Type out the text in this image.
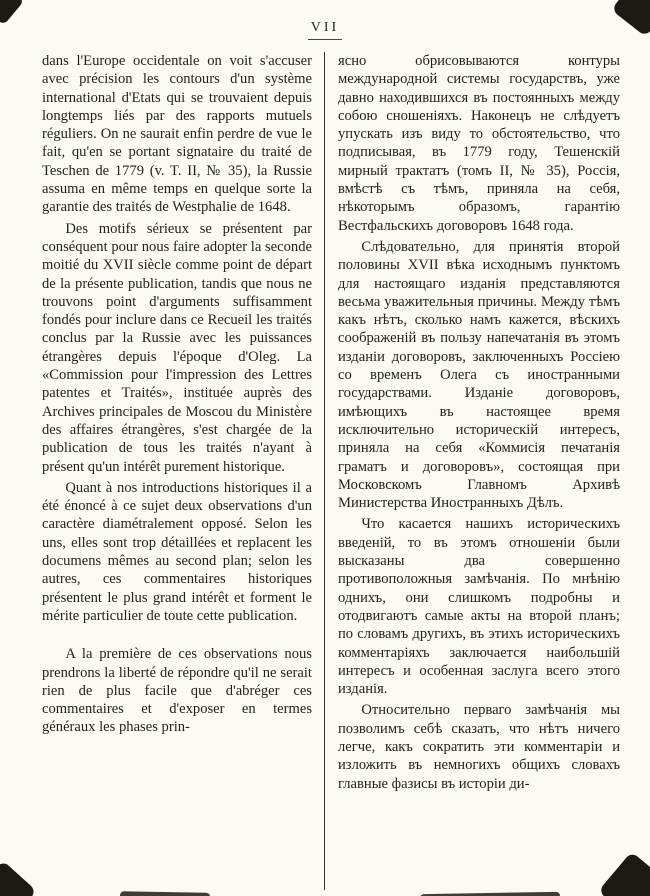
VII

dans l'Europe occidentale on voit s'accuser avec précision les contours d'un système international d'Etats qui se trouvaient depuis longtemps liés par des rapports mutuels réguliers. On ne saurait enfin perdre de vue le fait, qu'en se portant signataire du traité de Teschen de 1779 (v. T. II, № 35), la Russie assuma en même temps en quelque sorte la garantie des traités de Westphalie de 1648.

Des motifs sérieux se présentent par conséquent pour nous faire adopter la seconde moitié du XVII siècle comme point de départ de la présente publication, tandis que nous ne trouvons point d'arguments suffisamment fondés pour inclure dans ce Recueil les traités conclus par la Russie avec les puissances étrangères depuis l'époque d'Oleg. La «Commission pour l'impression des Lettres patentes et Traités», instituée auprès des Archives principales de Moscou du Ministère des affaires étrangères, s'est chargée de la publication de tous les traités n'ayant à présent qu'un intérêt purement historique.

Quant à nos introductions historiques il a été énoncé à ce sujet deux observations d'un caractère diamétralement opposé. Selon les uns, elles sont trop détaillées et replacent les documens mêmes au second plan; selon les autres, ces commentaires historiques présentent le plus grand intérêt et forment le mérite particulier de toute cette publication.

A la première de ces observations nous prendrons la liberté de répondre qu'il ne serait rien de plus facile que d'abréger ces commentaires et d'exposer en termes généraux les phases prin-

ясно обрисовываются контуры международной системы государствъ, уже давно находившихся въ постоянныхъ между собою сношеніяхъ. Наконецъ не слѣдуетъ упускать изъ виду то обстоятельство, что подписывая, въ 1779 году, Тешенскій мирный трактатъ (томъ II, № 35), Россія, вмѣстѣ съ тѣмъ, приняла на себя, нѣкоторымъ образомъ, гарантію Вестфальскихъ договоровъ 1648 года.

Слѣдовательно, для принятія второй половины XVII вѣка исходнымъ пунктомъ для настоящаго изданія представляются весьма уважительныя причины. Между тѣмъ какъ нѣтъ, сколько намъ кажется, вѣскихъ соображеній въ пользу напечатанія въ этомъ изданіи договоровъ, заключенныхъ Россіею со временъ Олега съ иностранными государствами. Изданіе договоровъ, имѣющихъ въ настоящее время исключительно историческій интересъ, приняла на себя «Коммисія печатанія граматъ и договоровъ», состоящая при Московскомъ Главномъ Архивѣ Министерства Иностранныхъ Дѣлъ.

Что касается нашихъ историческихъ введеній, то въ этомъ отношеніи были высказаны два совершенно противоположныя замѣчанія. По мнѣнію однихъ, они слишкомъ подробны и отодвигаютъ самые акты на второй планъ; по словамъ другихъ, въ этихъ историческихъ комментаріяхъ заключается наибольшій интересъ и особенная заслуга всего этого изданія.

Относительно перваго замѣчанія мы позволимъ себѣ сказать, что нѣтъ ничего легче, какъ сократить эти комментаріи и изложить въ немногихъ общихъ словахъ главные фазисы въ исторіи ди-
